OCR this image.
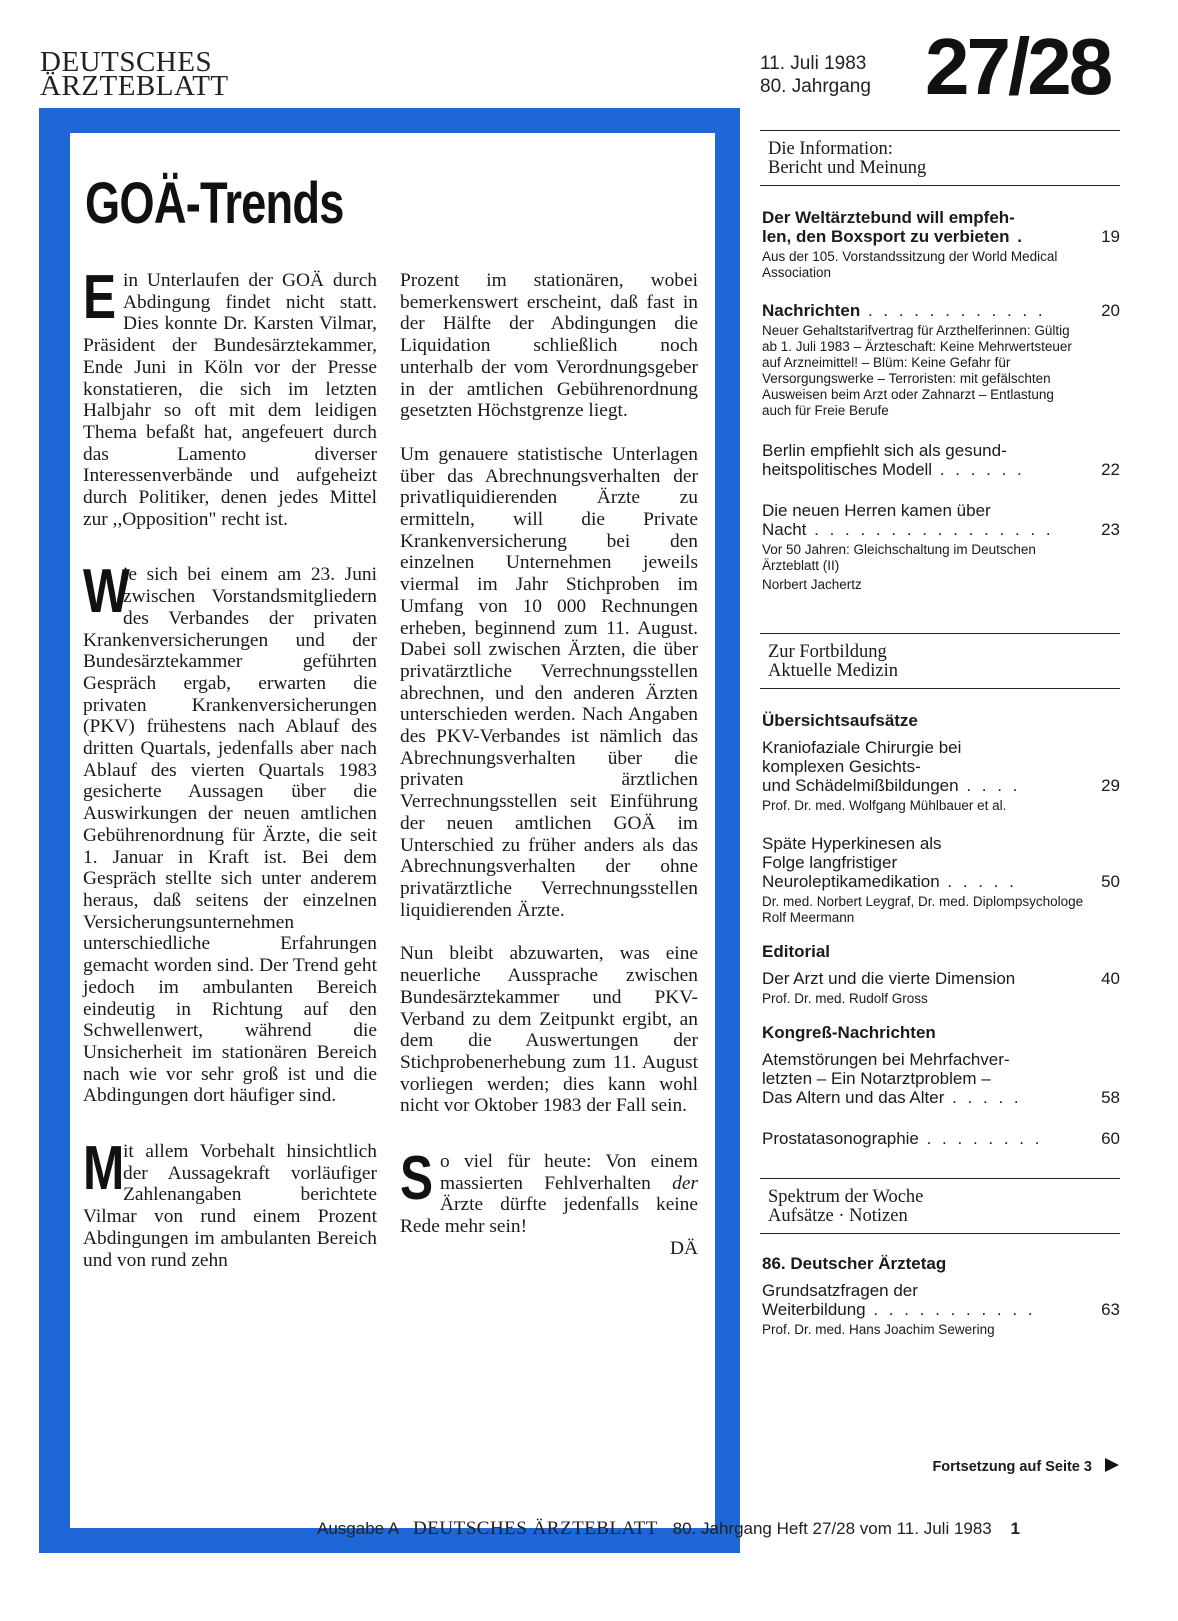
DEUTSCHES
ÄRZTEBLATT
11. Juli 1983
80. Jahrgang 27/28
GOÄ-Trends

Ein Unterlaufen der GOÄ durch Abdingung findet nicht statt. Dies konnte Dr. Karsten Vilmar, Präsident der Bundesärztekammer, Ende Juni in Köln vor der Presse konstatieren, die sich im letzten Halbjahr so oft mit dem leidigen Thema befaßt hat, angefeuert durch das Lamento diverser Interessenverbände und aufgeheizt durch Politiker, denen jedes Mittel zur ,,Opposition" recht ist.

W
ie sich bei einem am 23. Juni zwischen Vorstandsmitgliedern des Verbandes der privaten Krankenversicherungen und der Bundesärztekammer geführten Gespräch ergab, erwarten die privaten Krankenversicherungen (PKV) frühestens nach Ablauf des dritten Quartals, jedenfalls aber nach Ablauf des vierten Quartals 1983 gesicherte Aussagen über die Auswirkungen der neuen amtlichen Gebührenordnung für Ärzte, die seit 1. Januar in Kraft ist. Bei dem Gespräch stellte sich unter anderem heraus, daß seitens der einzelnen Versicherungsunternehmen unterschiedliche Erfahrungen gemacht worden sind. Der Trend geht jedoch im ambulanten Bereich eindeutig in Richtung auf den Schwellenwert, während die Unsicherheit im stationären Bereich nach wie vor sehr groß ist und die Abdingungen dort häufiger sind.

M
it allem Vorbehalt hinsichtlich der Aussagekraft vorläufiger Zahlenangaben berichtete Vilmar von rund einem Prozent Abdingungen im ambulanten Bereich und von rund zehn

Prozent im stationären, wobei bemerkenswert erscheint, daß fast in der Hälfte der Abdingungen die Liquidation schließlich noch unterhalb der vom Verordnungsgeber in der amtlichen Gebührenordnung gesetzten Höchstgrenze liegt.

Um genauere statistische Unterlagen über das Abrechnungsverhalten der privatliquidierenden Ärzte zu ermitteln, will die Private Krankenversicherung bei den einzelnen Unternehmen jeweils viermal im Jahr Stichproben im Umfang von 10 000 Rechnungen erheben, beginnend zum 11. August. Dabei soll zwischen Ärzten, die über privatärztliche Verrechnungsstellen abrechnen, und den anderen Ärzten unterschieden werden. Nach Angaben des PKV-Verbandes ist nämlich das Abrechnungsverhalten über die privaten ärztlichen Verrechnungsstellen seit Einführung der neuen amtlichen GOÄ im Unterschied zu früher anders als das Abrechnungsverhalten der ohne privatärztliche Verrechnungsstellen liquidierenden Ärzte.

Nun bleibt abzuwarten, was eine neuerliche Aussprache zwischen Bundesärztekammer und PKV-Verband zu dem Zeitpunkt ergibt, an dem die Auswertungen der Stichprobenerhebung zum 11. August vorliegen werden; dies kann wohl nicht vor Oktober 1983 der Fall sein.

So viel für heute: Von einem massierten Fehlverhalten der Ärzte dürfte jedenfalls keine Rede mehr sein!

DÄ
Die Information:
Bericht und Meinung
Der Weltärztebund will empfeh-
len, den Boxsport zu verbieten .	19
Aus der 105. Vorstandssitzung der World Medical Association
Nachrichten . . . . . . . . . . . .	20
Neuer Gehaltstarifvertrag für Arzthelferinnen: Gültig ab 1. Juli 1983 – Ärzteschaft: Keine Mehrwertsteuer auf Arzneimittel! – Blüm: Keine Gefahr für Versorgungswerke – Terroristen: mit gefälschten Ausweisen beim Arzt oder Zahnarzt – Entlastung auch für Freie Berufe
Berlin empfiehlt sich als gesund-
heitspolitisches Modell . . . . . .	22
Die neuen Herren kamen über
Nacht . . . . . . . . . . . . . . . .	23
Vor 50 Jahren: Gleichschaltung im Deutschen Ärzteblatt (II)
Norbert Jachertz
Zur Fortbildung
Aktuelle Medizin
Übersichtsaufsätze
Kraniofaziale Chirurgie bei
komplexen Gesichts-
und Schädelmißbildungen . . . .	29
Prof. Dr. med. Wolfgang Mühlbauer et al.
Späte Hyperkinesen als
Folge langfristiger
Neuroleptikamedikation . . . . .	50
Dr. med. Norbert Leygraf, Dr. med. Diplompsychologe Rolf Meermann
Editorial
Der Arzt und die vierte Dimension	40
Prof. Dr. med. Rudolf Gross
Kongreß-Nachrichten
Atemstörungen bei Mehrfachver-
letzten – Ein Notarztproblem –
Das Altern und das Alter . . . . .	58
Prostatasonographie . . . . . . . .	60
Spektrum der Woche
Aufsätze · Notizen
86. Deutscher Ärztetag
Grundsatzfragen der
Weiterbildung . . . . . . . . . . .	63
Prof. Dr. med. Hans Joachim Sewering
Fortsetzung auf Seite 3
Ausgabe A DEUTSCHES ÄRZTEBLATT 80. Jahrgang Heft 27/28 vom 11. Juli 1983 1
